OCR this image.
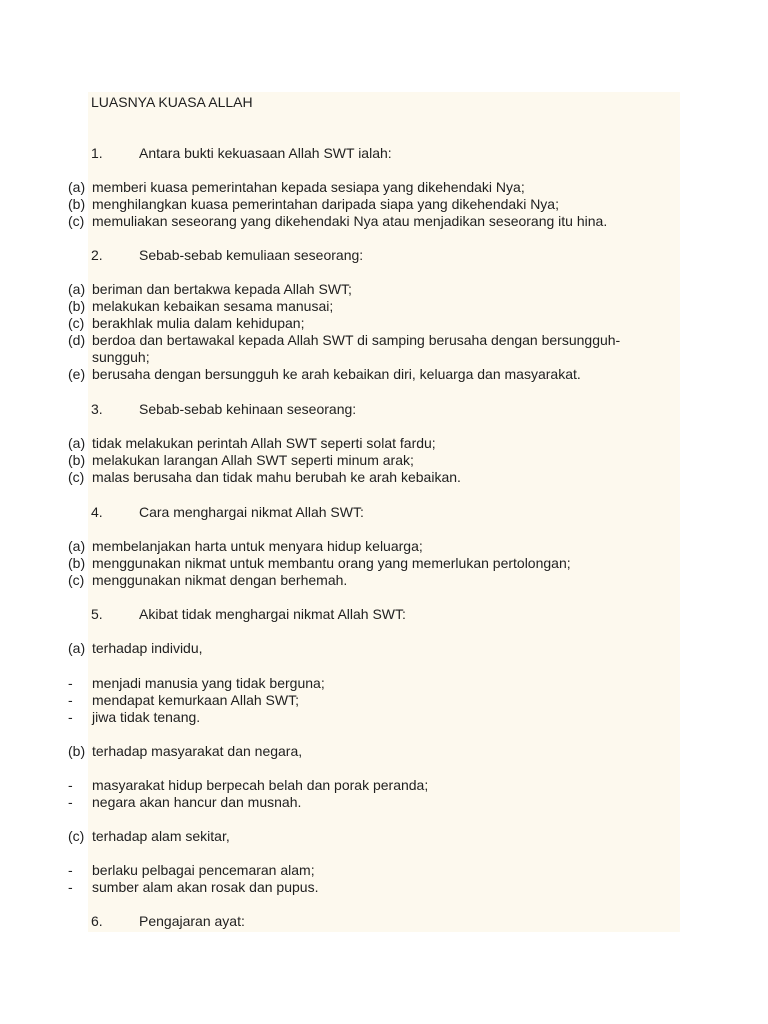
LUASNYA KUASA ALLAH
1.	Antara bukti kekuasaan Allah SWT ialah:
(a) memberi kuasa pemerintahan kepada sesiapa yang dikehendaki Nya;
(b) menghilangkan kuasa pemerintahan daripada siapa yang dikehendaki Nya;
(c) memuliakan seseorang yang dikehendaki Nya atau menjadikan seseorang itu hina.
2.	Sebab-sebab kemuliaan seseorang:
(a) beriman dan bertakwa kepada Allah SWT;
(b) melakukan kebaikan sesama manusai;
(c) berakhlak mulia dalam kehidupan;
(d) berdoa dan bertawakal kepada Allah SWT di samping berusaha dengan bersungguh-
sungguh;
(e) berusaha dengan bersungguh ke arah kebaikan diri, keluarga dan masyarakat.
3.	Sebab-sebab kehinaan seseorang:
(a) tidak melakukan perintah Allah SWT seperti solat fardu;
(b) melakukan larangan Allah SWT seperti minum arak;
(c) malas berusaha dan tidak mahu berubah ke arah kebaikan.
4.	Cara menghargai nikmat Allah SWT:
(a) membelanjakan harta untuk menyara hidup keluarga;
(b) menggunakan nikmat untuk membantu orang yang memerlukan pertolongan;
(c) menggunakan nikmat dengan berhemah.
5.	Akibat tidak menghargai nikmat Allah SWT:
(a) terhadap individu,
- menjadi manusia yang tidak berguna;
- mendapat kemurkaan Allah SWT;
- jiwa tidak tenang.
(b) terhadap masyarakat dan negara,
- masyarakat hidup berpecah belah dan porak peranda;
- negara akan hancur dan musnah.
(c) terhadap alam sekitar,
- berlaku pelbagai pencemaran alam;
- sumber alam akan rosak dan pupus.
6.	Pengajaran ayat:
